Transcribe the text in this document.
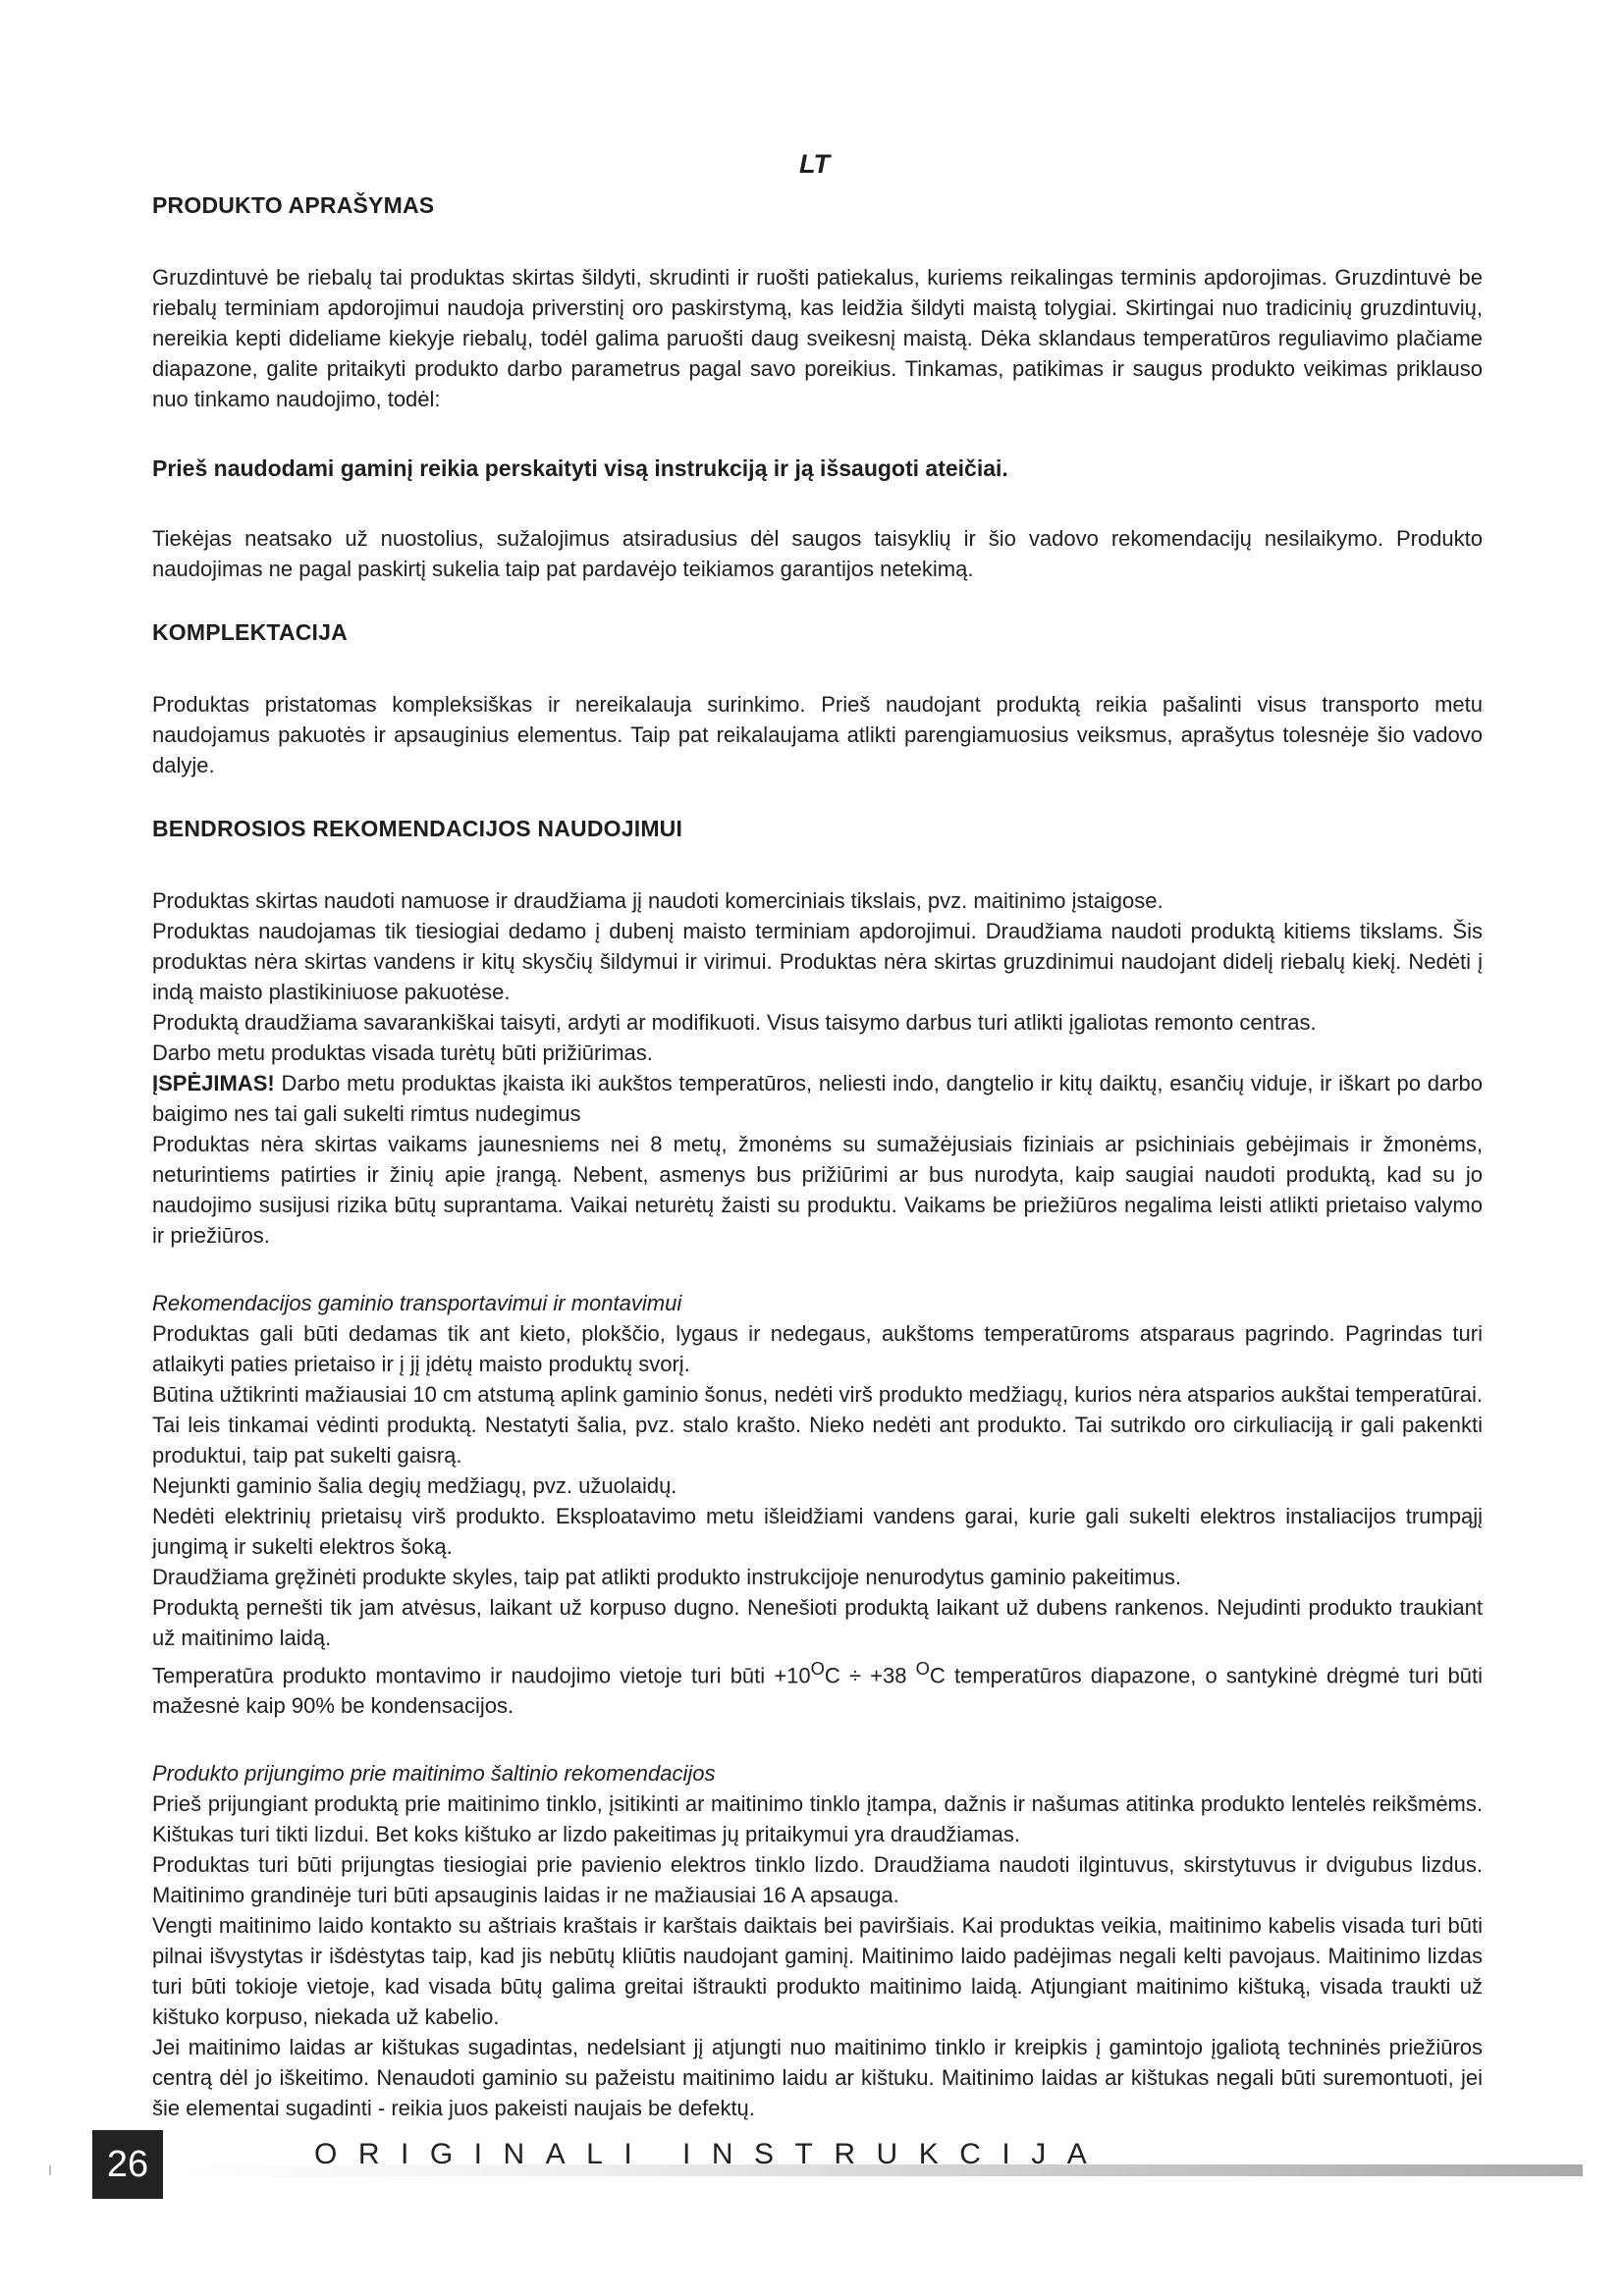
LT
PRODUKTO APRAŠYMAS

Gruzdintuvė be riebalų tai produktas skirtas šildyti, skrudinti ir ruošti patiekalus, kuriems reikalingas terminis apdorojimas. Gruzdintuvė be riebalų terminiam apdorojimui naudoja priverstinį oro paskirstymą, kas leidžia šildyti maistą tolygiai. Skirtingai nuo tradicinių gruzdintuvių, nereikia kepti dideliame kiekyje riebalų, todėl galima paruošti daug sveikesnį maistą. Dėka sklandaus temperatūros reguliavimo plačiame diapazone, galite pritaikyti produkto darbo parametrus pagal savo poreikius. Tinkamas, patikimas ir saugus produkto veikimas priklauso nuo tinkamo naudojimo, todėl:

Prieš naudodami gaminį reikia perskaityti visą instrukciją ir ją išsaugoti ateičiai.

Tiekėjas neatsako už nuostolius, sužalojimus atsiradusius dėl saugos taisyklių ir šio vadovo rekomendacijų nesilaikymo. Produkto naudojimas ne pagal paskirtį sukelia taip pat pardavėjo teikiamos garantijos netekimą.

KOMPLEKTACIJA

Produktas pristatomas kompleksiškas ir nereikalauja surinkimo. Prieš naudojant produktą reikia pašalinti visus transporto metu naudojamus pakuotės ir apsauginius elementus. Taip pat reikalaujama atlikti parengiamuosius veiksmus, aprašytus tolesnėje šio vadovo dalyje.

BENDROSIOS REKOMENDACIJOS NAUDOJIMUI

Produktas skirtas naudoti namuose ir draudžiama jį naudoti komerciniais tikslais, pvz. maitinimo įstaigose.

Produktas naudojamas tik tiesiogiai dedamo į dubenį maisto terminiam apdorojimui. Draudžiama naudoti produktą kitiems tikslams. Šis produktas nėra skirtas vandens ir kitų skysčių šildymui ir virimui. Produktas nėra skirtas gruzdinimui naudojant didelį riebalų kiekį. Nedėti į indą maisto plastikiniuose pakuotėse.

Produktą draudžiama savarankiškai taisyti, ardyti ar modifikuoti. Visus taisymo darbus turi atlikti įgaliotas remonto centras.

Darbo metu produktas visada turėtų būti prižiūrimas.

ĮSPĖJIMAS! Darbo metu produktas įkaista iki aukštos temperatūros, neliesti indo, dangtelio ir kitų daiktų, esančių viduje, ir iškart po darbo baigimo nes tai gali sukelti rimtus nudegimus

Produktas nėra skirtas vaikams jaunesniems nei 8 metų, žmonėms su sumažėjusiais fiziniais ar psichiniais gebėjimais ir žmonėms, neturintiems patirties ir žinių apie įrangą. Nebent, asmenys bus prižiūrimi ar bus nurodyta, kaip saugiai naudoti produktą, kad su jo naudojimo susijusi rizika būtų suprantama. Vaikai neturėtų žaisti su produktu. Vaikams be priežiūros negalima leisti atlikti prietaiso valymo ir priežiūros.

Rekomendacijos gaminio transportavimui ir montavimui

Produktas gali būti dedamas tik ant kieto, plokščio, lygaus ir nedegaus, aukštoms temperatūroms atsparaus pagrindo. Pagrindas turi atlaikyti paties prietaiso ir į jį įdėtų maisto produktų svorį.

Būtina užtikrinti mažiausiai 10 cm atstumą aplink gaminio šonus, nedėti virš produkto medžiagų, kurios nėra atsparios aukštai temperatūrai. Tai leis tinkamai vėdinti produktą. Nestatyti šalia, pvz. stalo krašto. Nieko nedėti ant produkto. Tai sutrikdo oro cirkuliaciją ir gali pakenkti produktui, taip pat sukelti gaisrą.

Nejunkti gaminio šalia degių medžiagų, pvz. užuolaidų.

Nedėti elektrinių prietaisų virš produkto. Eksploatavimo metu išleidžiami vandens garai, kurie gali sukelti elektros instaliacijos trumpąjį jungimą ir sukelti elektros šoką.

Draudžiama gręžinėti produkte skyles, taip pat atlikti produkto instrukcijoje nenurodytus gaminio pakeitimus.

Produktą pernešti tik jam atvėsus, laikant už korpuso dugno. Nenešioti produktą laikant už dubens rankenos. Nejudinti produkto traukiant už maitinimo laidą.

Temperatūra produkto montavimo ir naudojimo vietoje turi būti $+10^OC \div +38$ $^O$C temperatūros diapazone, o santykinė drėgmė turi būti mažesnė kaip 90% be kondensacijos.

Produkto prijungimo prie maitinimo šaltinio rekomendacijos

Prieš prijungiant produktą prie maitinimo tinklo, įsitikinti ar maitinimo tinklo įtampa, dažnis ir našumas atitinka produkto lentelės reikšmėms. Kištukas turi tikti lizdui. Bet koks kištuko ar lizdo pakeitimas jų pritaikymui yra draudžiamas.

Produktas turi būti prijungtas tiesiogiai prie pavienio elektros tinklo lizdo. Draudžiama naudoti ilgintuvus, skirstytuvus ir dvigubus lizdus. Maitinimo grandinėje turi būti apsauginis laidas ir ne mažiausiai 16 A apsauga.

Vengti maitinimo laido kontakto su aštriais kraštais ir karštais daiktais bei paviršiais. Kai produktas veikia, maitinimo kabelis visada turi būti pilnai išvystytas ir išdėstytas taip, kad jis nebūtų kliūtis naudojant gaminį. Maitinimo laido padėjimas negali kelti pavojaus. Maitinimo lizdas turi būti tokioje vietoje, kad visada būtų galima greitai ištraukti produkto maitinimo laidą. Atjungiant maitinimo kištuką, visada traukti už kištuko korpuso, niekada už kabelio.

Jei maitinimo laidas ar kištukas sugadintas, nedelsiant jį atjungti nuo maitinimo tinklo ir kreipkis į gamintojo įgaliotą techninės priežiūros centrą dėl jo iškeitimo. Nenaudoti gaminio su pažeistu maitinimo laidu ar kištuku. Maitinimo laidas ar kištukas negali būti suremontuoti, jei šie elementai sugadinti - reikia juos pakeisti naujais be defektų.

26	ORIGINALI INSTRUKCIJA
